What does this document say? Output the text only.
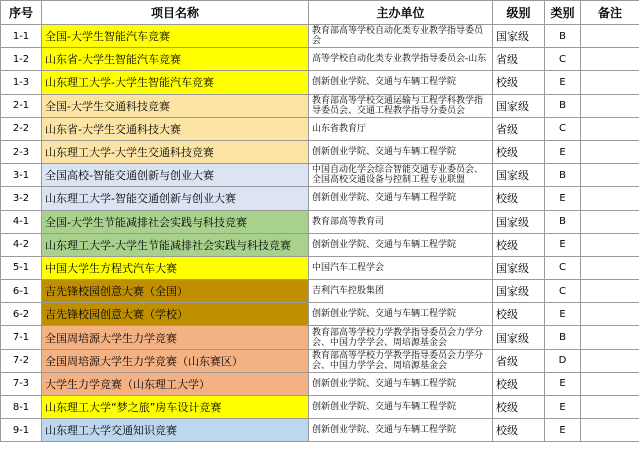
序号	项目名称	主办单位	级别	类别	备注
1-1	全国-大学生智能汽车竞赛	教育部高等学校自动化类专业教学指导委员会	国家级	B	
1-2	山东省-大学生智能汽车竞赛	高等学校自动化类专业教学指导委员会-山东	省级	C	
1-3	山东理工大学-大学生智能汽车竞赛	创新创业学院、交通与车辆工程学院	校级	E	
2-1	全国-大学生交通科技竞赛	教育部高等学校交通运输与工程学科教学指导委员会、交通工程教学指导分委员会	国家级	B	
2-2	山东省-大学生交通科技大赛	山东省教育厅	省级	C	
2-3	山东理工大学-大学生交通科技竞赛	创新创业学院、交通与车辆工程学院	校级	E	
3-1	全国高校-智能交通创新与创业大赛	中国自动化学会综合智能交通专业委员会、全国高校交通设备与控制工程专业联盟	国家级	B	
3-2	山东理工大学-智能交通创新与创业大赛	创新创业学院、交通与车辆工程学院	校级	E	
4-1	全国-大学生节能减排社会实践与科技竞赛	教育部高等教育司	国家级	B	
4-2	山东理工大学-大学生节能减排社会实践与科技竞赛	创新创业学院、交通与车辆工程学院	校级	E	
5-1	中国大学生方程式汽车大赛	中国汽车工程学会	国家级	C	
6-1	吉先锋校园创意大赛（全国）	吉利汽车控股集团	国家级	C	
6-2	吉先锋校园创意大赛（学校）	创新创业学院、交通与车辆工程学院	校级	E	
7-1	全国周培源大学生力学竞赛	教育部高等学校力学教学指导委员会力学分会、中国力学学会、周培源基金会	国家级	B	
7-2	全国周培源大学生力学竞赛（山东赛区）	教育部高等学校力学教学指导委员会力学分会、中国力学学会、周培源基金会	省级	D	
7-3	大学生力学竞赛（山东理工大学）	创新创业学院、交通与车辆工程学院	校级	E	
8-1	山东理工大学“梦之旅”房车设计竞赛	创新创业学院、交通与车辆工程学院	校级	E	
9-1	山东理工大学交通知识竞赛	创新创业学院、交通与车辆工程学院	校级	E	
